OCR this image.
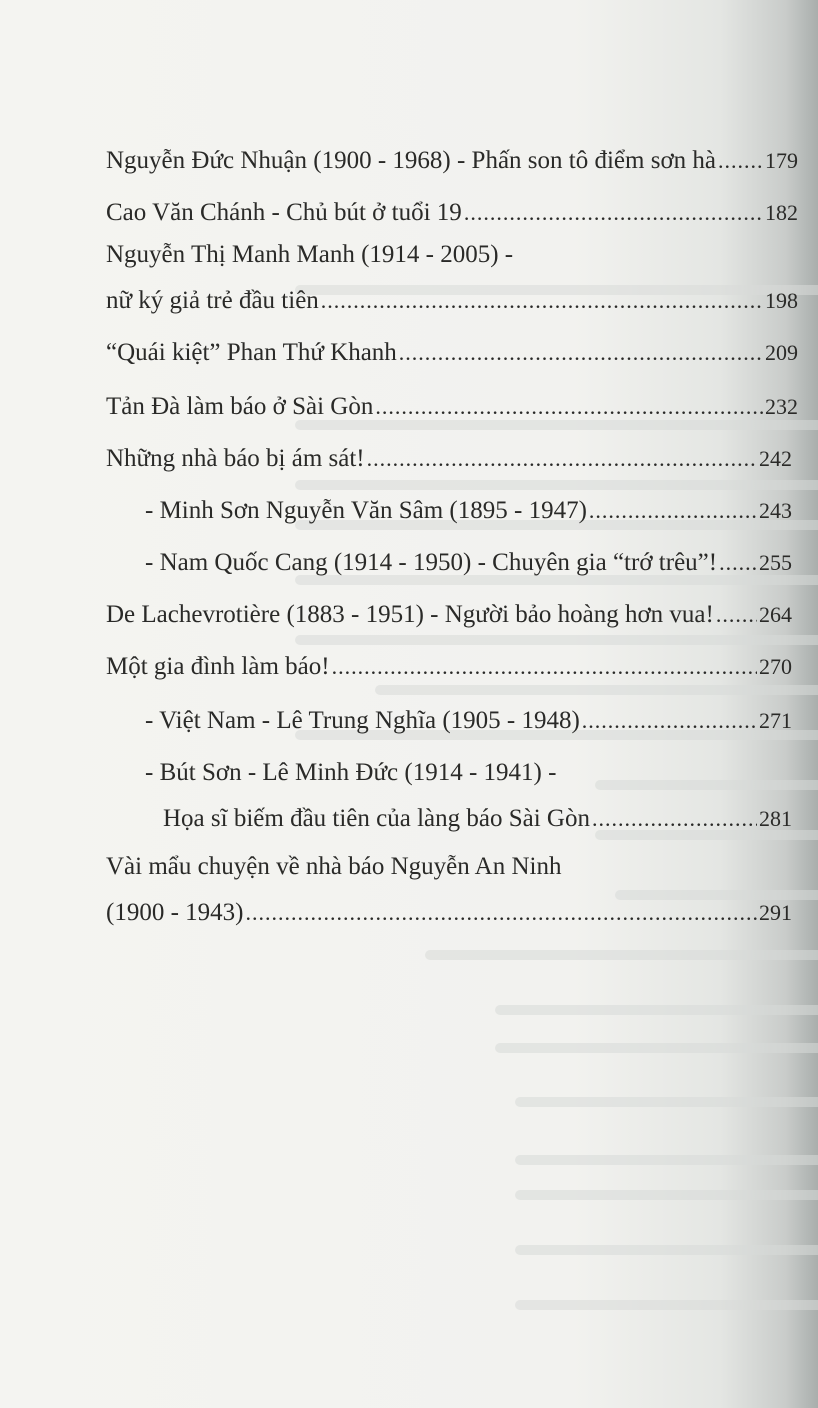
Nguyễn Đức Nhuận (1900 - 1968) - Phấn son tô điểm sơn hà ..... 179
Cao Văn Chánh - Chủ bút ở tuổi 19 .....	182
Nguyễn Thị Manh Manh (1914 - 2005) -
nữ ký giả trẻ đầu tiên .....	198
“Quái kiệt” Phan Thứ Khanh .....	209
Tản Đà làm báo ở Sài Gòn .....	232
Những nhà báo bị ám sát! .....	242
- Minh Sơn Nguyễn Văn Sâm (1895 - 1947) .....	243
- Nam Quốc Cang (1914 - 1950) - Chuyên gia “trớ trêu”! ..... 255
De Lachevrotière (1883 - 1951) - Người bảo hoàng hơn vua! ..... 264
Một gia đình làm báo! .....	270
- Việt Nam - Lê Trung Nghĩa (1905 - 1948) .....	271
- Bút Sơn - Lê Minh Đức (1914 - 1941) -
Họa sĩ biếm đầu tiên của làng báo Sài Gòn .....	281
Vài mẩu chuyện về nhà báo Nguyễn An Ninh
(1900 - 1943) .....	291
